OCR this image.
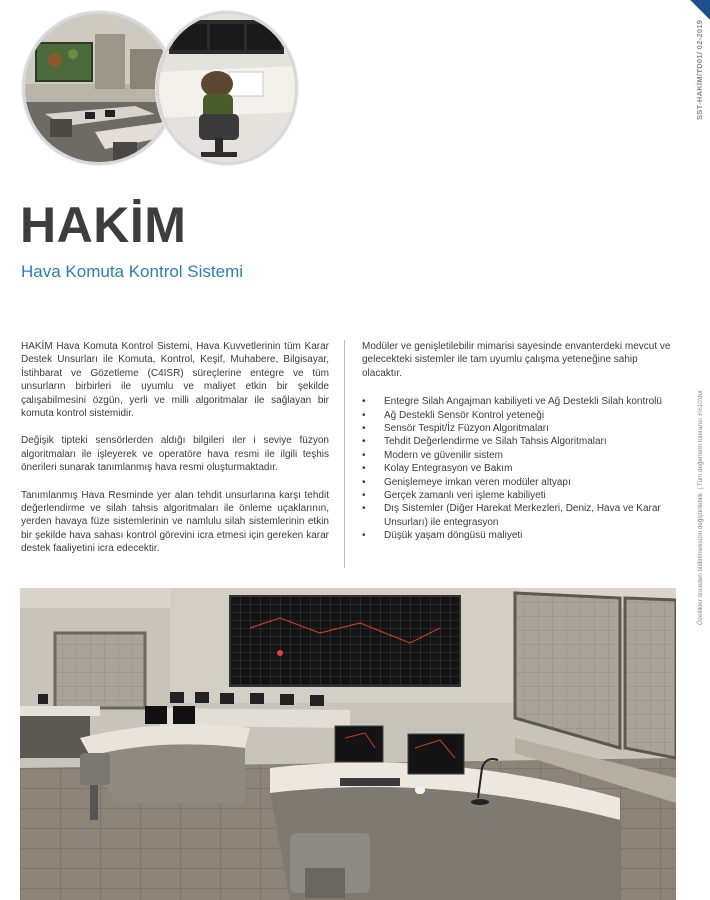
SST-HAKİM/TD01/ 02-2019
Özellikler önceden bildirilmeksizin değiştirilebilir. | Tüm değerlerin toleransı ±%10'dur.
HAKİM
Hava Komuta Kontrol Sistemi

HAKİM Hava Komuta Kontrol Sistemi, Hava Kuvvetlerinin tüm Karar Destek Unsurları ile Komuta, Kontrol, Keşif, Muhabere, Bilgisayar, İstihbarat ve Gözetleme (C4ISR) süreçlerine entegre ve tüm unsurların birbirleri ile uyumlu ve maliyet etkin bir şekilde çalışabilmesini özgün, yerli ve milli algoritmalar ile sağlayan bir komuta kontrol sistemidir.

Değişik tipteki sensörlerden aldığı bilgileri ıler i seviye füzyon algoritmaları ile işleyerek ve operatöre hava resmi ile ilgili teşhis önerileri sunarak tanımlanmış hava resmi oluşturmaktadır.

Tanımlanmış Hava Resminde yer alan tehdit unsurlarına karşı tehdit değerlendirme ve silah tahsis algoritmaları ile önleme uçaklarının, yerden havaya füze sistemlerinin ve namlulu silah sistemlerinin etkin bir şekilde hava sahası kontrol görevini icra etmesi için gereken karar destek faaliyetini icra edecektir.

Modüler ve genişletilebilir mimarisi sayesinde envanterdeki mevcut ve gelecekteki sistemler ile tam uyumlu çalışma yeteneğine sahip olacaktır.

• Entegre Silah Angajman kabiliyeti ve Ağ Destekli Silah kontrolü
• Ağ Destekli Sensör Kontrol yeteneği
• Sensör Tespit/İz Füzyon Algoritmaları
• Tehdit Değerlendirme ve Silah Tahsis Algoritmaları
• Modern ve güvenilir sistem
• Kolay Entegrasyon ve Bakım
• Genişlemeye imkan veren modüler altyapı
• Gerçek zamanlı veri işleme kabiliyeti
• Dış Sistemler (Diğer Harekat Merkezleri, Deniz, Hava ve Karar Unsurları) ile entegrasyon
• Düşük yaşam döngüsü maliyeti
